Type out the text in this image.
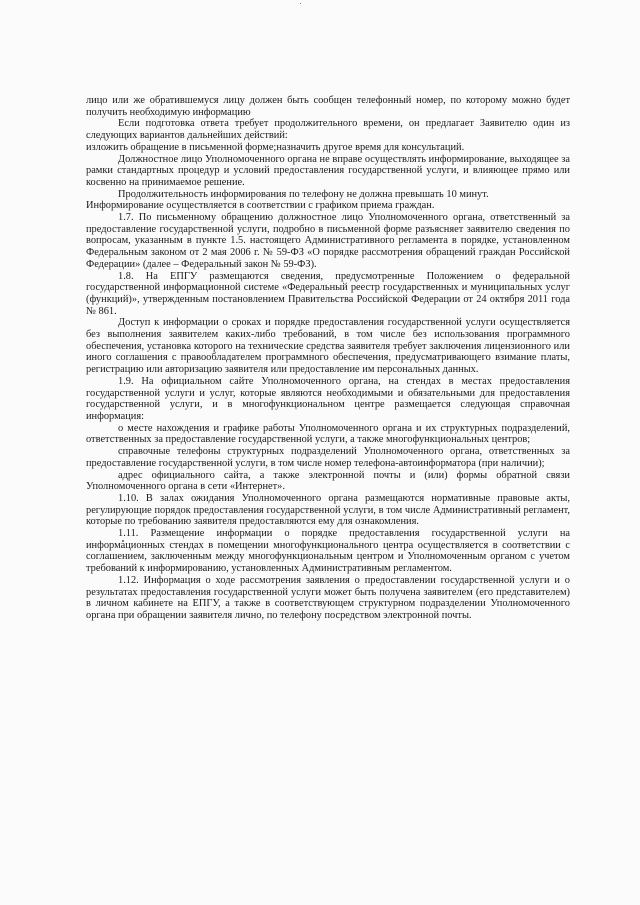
лицо или же обратившемуся лицу должен быть сообщен телефонный номер, по которому можно будет получить необходимую информацию

Если подготовка ответа требует продолжительного времени, он предлагает Заявителю один из следующих вариантов дальнейших действий:

изложить обращение в письменной форме;назначить другое время для консультаций.

Должностное лицо Уполномоченного органа не вправе осуществлять информирование, выходящее за рамки стандартных процедур и условий предоставления государственной услуги, и влияющее прямо или косвенно на принимаемое решение.

Продолжительность информирования по телефону не должна превышать 10 минут.

Информирование осуществляется в соответствии с графиком приема граждан.

1.7. По письменному обращению должностное лицо Уполномоченного органа, ответственный за предоставление государственной услуги, подробно в письменной форме разъясняет заявителю сведения по вопросам, указанным в пункте 1.5. настоящего Административного регламента в порядке, установленном Федеральным законом от 2 мая 2006 г. № 59-ФЗ «О порядке рассмотрения обращений граждан Российской Федерации» (далее – Федеральный закон № 59-ФЗ).

1.8. На ЕПГУ размещаются сведения, предусмотренные Положением о федеральной государственной информационной системе «Федеральный реестр государственных и муниципальных услуг (функций)», утвержденным постановлением Правительства Российской Федерации от 24 октября 2011 года № 861.

Доступ к информации о сроках и порядке предоставления государственной услуги осуществляется без выполнения заявителем каких-либо требований, в том числе без использования программного обеспечения, установка которого на технические средства заявителя требует заключения лицензионного или иного соглашения с правообладателем программного обеспечения, предусматривающего взимание платы, регистрацию или авторизацию заявителя или предоставление им персональных данных.

1.9. На официальном сайте Уполномоченного органа, на стендах в местах предоставления государственной услуги и услуг, которые являются необходимыми и обязательными для предоставления государственной услуги, и в многофункциональном центре размещается следующая справочная информация:

о месте нахождения и графике работы Уполномоченного органа и их структурных подразделений, ответственных за предоставление государственной услуги, а также многофункциональных центров;

справочные телефоны структурных подразделений Уполномоченного органа, ответственных за предоставление государственной услуги, в том числе номер телефона-автоинформатора (при наличии);

адрес официального сайта, а также электронной почты и (или) формы обратной связи Уполномоченного органа в сети «Интернет».

1.10. В залах ожидания Уполномоченного органа размещаются нормативные правовые акты, регулирующие порядок предоставления государственной услуги, в том числе Административный регламент, которые по требованию заявителя предоставляются ему для ознакомления.

1.11. Размещение информации о порядке предоставления государственной услуги на информационных стендах в помещении многофункционального центра осуществляется в соответствии с соглашением, заключенным между многофункциональным центром и Уполномоченным органом с учетом требований к информированию, установленных Административным регламентом.

1.12. Информация о ходе рассмотрения заявления о предоставлении государственной услуги и о результатах предоставления государственной услуги может быть получена заявителем (его представителем) в личном кабинете на ЕПГУ, а также в соответствующем структурном подразделении Уполномоченного органа при обращении заявителя лично, по телефону посредством электронной почты.
